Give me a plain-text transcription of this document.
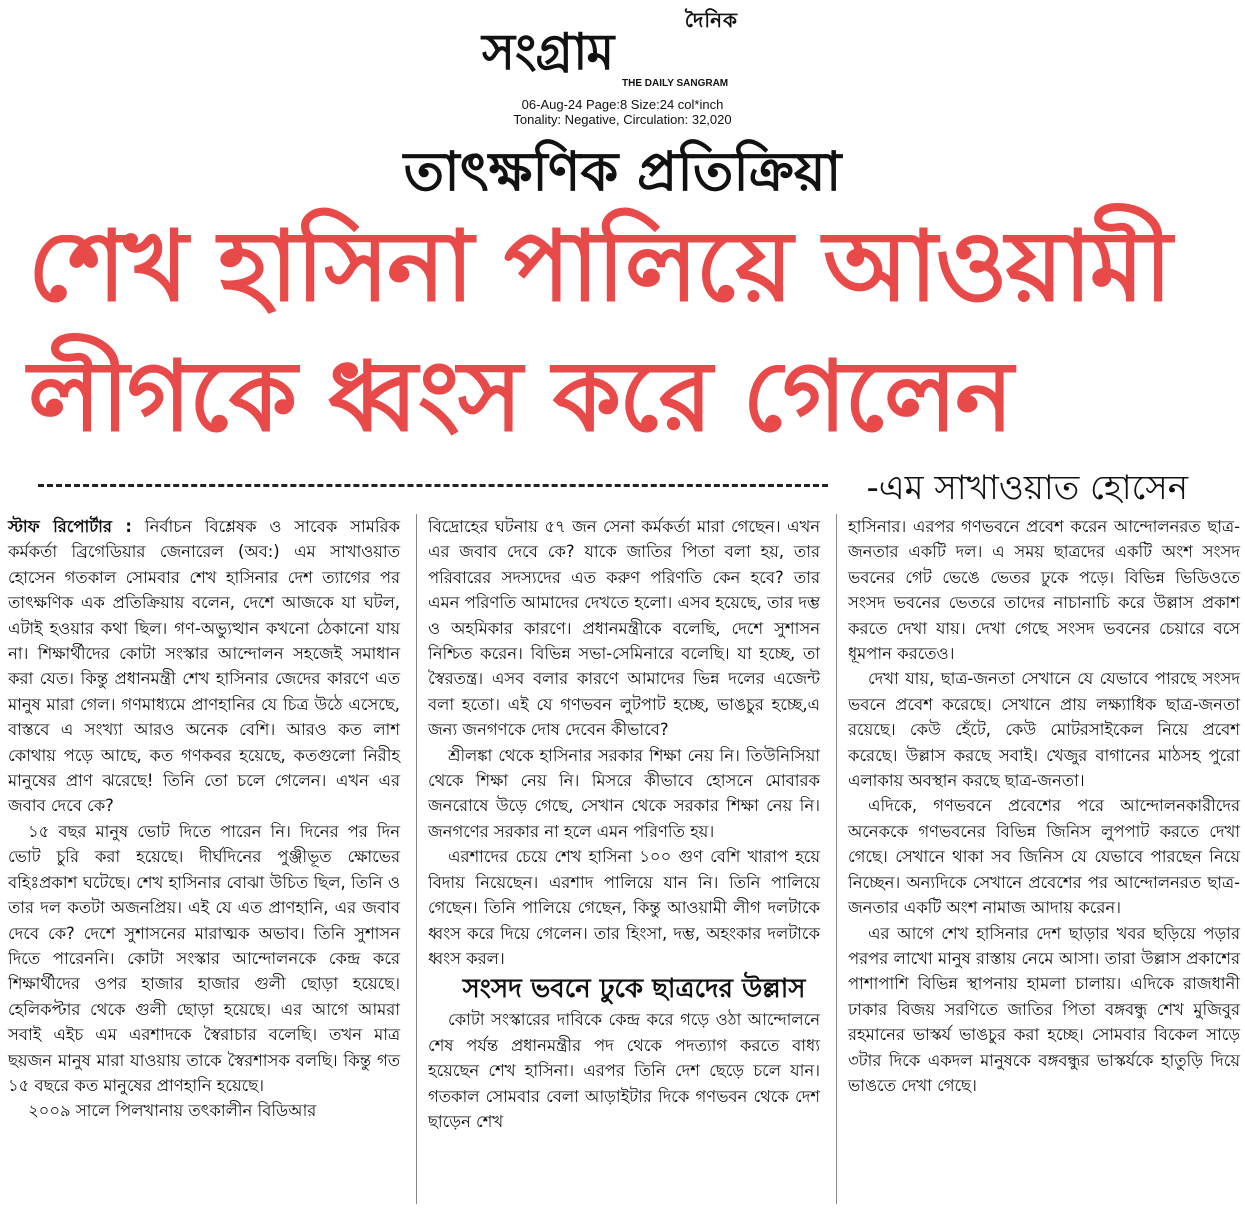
দৈনিক
সংগ্রাম
THE DAILY SANGRAM
06-Aug-24 Page:8 Size:24 col*inch
Tonality: Negative, Circulation: 32,020
তাৎক্ষণিক প্রতিক্রিয়া
শেখ হাসিনা পালিয়ে আওয়ামী
লীগকে ধ্বংস করে গেলেন
-এম সাখাওয়াত হোসেন

স্টাফ রিপোর্টার : নির্বাচন বিশ্লেষক ও সাবেক সামরিক কর্মকর্তা ব্রিগেডিয়ার জেনারেল (অব:) এম সাখাওয়াত হোসেন গতকাল সোমবার শেখ হাসিনার দেশ ত্যাগের পর তাৎক্ষণিক এক প্রতিক্রিয়ায় বলেন, দেশে আজকে যা ঘটল, এটাই হওয়ার কথা ছিল। গণ-অভ্যুত্থান কখনো ঠেকানো যায় না। শিক্ষার্থীদের কোটা সংস্কার আন্দোলন সহজেই সমাধান করা যেত। কিন্তু প্রধানমন্ত্রী শেখ হাসিনার জেদের কারণে এত মানুষ মারা গেল। গণমাধ্যমে প্রাণহানির যে চিত্র উঠে এসেছে, বাস্তবে এ সংখ্যা আরও অনেক বেশি। আরও কত লাশ কোথায় পড়ে আছে, কত গণকবর হয়েছে, কতগুলো নিরীহ মানুষের প্রাণ ঝরেছে! তিনি তো চলে গেলেন। এখন এর জবাব দেবে কে?

১৫ বছর মানুষ ভোট দিতে পারেন নি। দিনের পর দিন ভোট চুরি করা হয়েছে। দীর্ঘদিনের পুঞ্জীভূত ক্ষোভের বহিঃপ্রকাশ ঘটেছে। শেখ হাসিনার বোঝা উচিত ছিল, তিনি ও তার দল কতটা অজনপ্রিয়। এই যে এত প্রাণহানি, এর জবাব দেবে কে? দেশে সুশাসনের মারাত্মক অভাব। তিনি সুশাসন দিতে পারেননি। কোটা সংস্কার আন্দোলনকে কেন্দ্র করে শিক্ষার্থীদের ওপর হাজার হাজার গুলী ছোড়া হয়েছে। হেলিকপ্টার থেকে গুলী ছোড়া হয়েছে। এর আগে আমরা সবাই এইচ এম এরশাদকে স্বৈরাচার বলেছি। তখন মাত্র ছয়জন মানুষ মারা যাওয়ায় তাকে স্বৈরশাসক বলছি। কিন্তু গত ১৫ বছরে কত মানুষের প্রাণহানি হয়েছে।

২০০৯ সালে পিলখানায় তৎকালীন বিডিআর

বিদ্রোহের ঘটনায় ৫৭ জন সেনা কর্মকর্তা মারা গেছেন। এখন এর জবাব দেবে কে? যাকে জাতির পিতা বলা হয়, তার পরিবারের সদস্যদের এত করুণ পরিণতি কেন হবে? তার এমন পরিণতি আমাদের দেখতে হলো। এসব হয়েছে, তার দম্ভ ও অহমিকার কারণে। প্রধানমন্ত্রীকে বলেছি, দেশে সুশাসন নিশ্চিত করেন। বিভিন্ন সভা-সেমিনারে বলেছি। যা হচ্ছে, তা স্বৈরতন্ত্র। এসব বলার কারণে আমাদের ভিন্ন দলের এজেন্ট বলা হতো। এই যে গণভবন লুটপাট হচ্ছে, ভাঙচুর হচ্ছে,এ জন্য জনগণকে দোষ দেবেন কীভাবে?

শ্রীলঙ্কা থেকে হাসিনার সরকার শিক্ষা নেয় নি। তিউনিসিয়া থেকে শিক্ষা নেয় নি। মিসরে কীভাবে হোসনে মোবারক জনরোষে উড়ে গেছে, সেখান থেকে সরকার শিক্ষা নেয় নি। জনগণের সরকার না হলে এমন পরিণতি হয়।

এরশাদের চেয়ে শেখ হাসিনা ১০০ গুণ বেশি খারাপ হয়ে বিদায় নিয়েছেন। এরশাদ পালিয়ে যান নি। তিনি পালিয়ে গেছেন। তিনি পালিয়ে গেছেন, কিন্তু আওয়ামী লীগ দলটাকে ধ্বংস করে দিয়ে গেলেন। তার হিংসা, দম্ভ, অহংকার দলটাকে ধ্বংস করল।

সংসদ ভবনে ঢুকে ছাত্রদের উল্লাস

কোটা সংস্কারের দাবিকে কেন্দ্র করে গড়ে ওঠা আন্দোলনে শেষ পর্যন্ত প্রধানমন্ত্রীর পদ থেকে পদত্যাগ করতে বাধ্য হয়েছেন শেখ হাসিনা। এরপর তিনি দেশ ছেড়ে চলে যান। গতকাল সোমবার বেলা আড়াইটার দিকে গণভবন থেকে দেশ ছাড়েন শেখ

হাসিনার। এরপর গণভবনে প্রবেশ করেন আন্দোলনরত ছাত্র-জনতার একটি দল। এ সময় ছাত্রদের একটি অংশ সংসদ ভবনের গেট ভেঙে ভেতর ঢুকে পড়ে। বিভিন্ন ভিডিওতে সংসদ ভবনের ভেতরে তাদের নাচানাচি করে উল্লাস প্রকাশ করতে দেখা যায়। দেখা গেছে সংসদ ভবনের চেয়ারে বসে ধূমপান করতেও।

দেখা যায়, ছাত্র-জনতা সেখানে যে যেভাবে পারছে সংসদ ভবনে প্রবেশ করেছে। সেখানে প্রায় লক্ষ্যাধিক ছাত্র-জনতা রয়েছে। কেউ হেঁটে, কেউ মোটরসাইকেল নিয়ে প্রবেশ করেছে। উল্লাস করছে সবাই। খেজুর বাগানের মাঠসহ পুরো এলাকায় অবস্থান করছে ছাত্র-জনতা।

এদিকে, গণভবনে প্রবেশের পরে আন্দোলনকারীদের অনেককে গণভবনের বিভিন্ন জিনিস লুপপাট করতে দেখা গেছে। সেখানে থাকা সব জিনিস যে যেভাবে পারছেন নিয়ে নিচ্ছেন। অন্যদিকে সেখানে প্রবেশের পর আন্দোলনরত ছাত্র-জনতার একটি অংশ নামাজ আদায় করেন।

এর আগে শেখ হাসিনার দেশ ছাড়ার খবর ছড়িয়ে পড়ার পরপর লাখো মানুষ রাস্তায় নেমে আসা। তারা উল্লাস প্রকাশের পাশাপাশি বিভিন্ন স্থাপনায় হামলা চালায়। এদিকে রাজধানী ঢাকার বিজয় সরণিতে জাতির পিতা বঙ্গবন্ধু শেখ মুজিবুর রহমানের ভাস্কর্য ভাঙচুর করা হচ্ছে। সোমবার বিকেল সাড়ে ৩টার দিকে একদল মানুষকে বঙ্গবন্ধুর ভাস্কর্যকে হাতুড়ি দিয়ে ভাঙতে দেখা গেছে।
